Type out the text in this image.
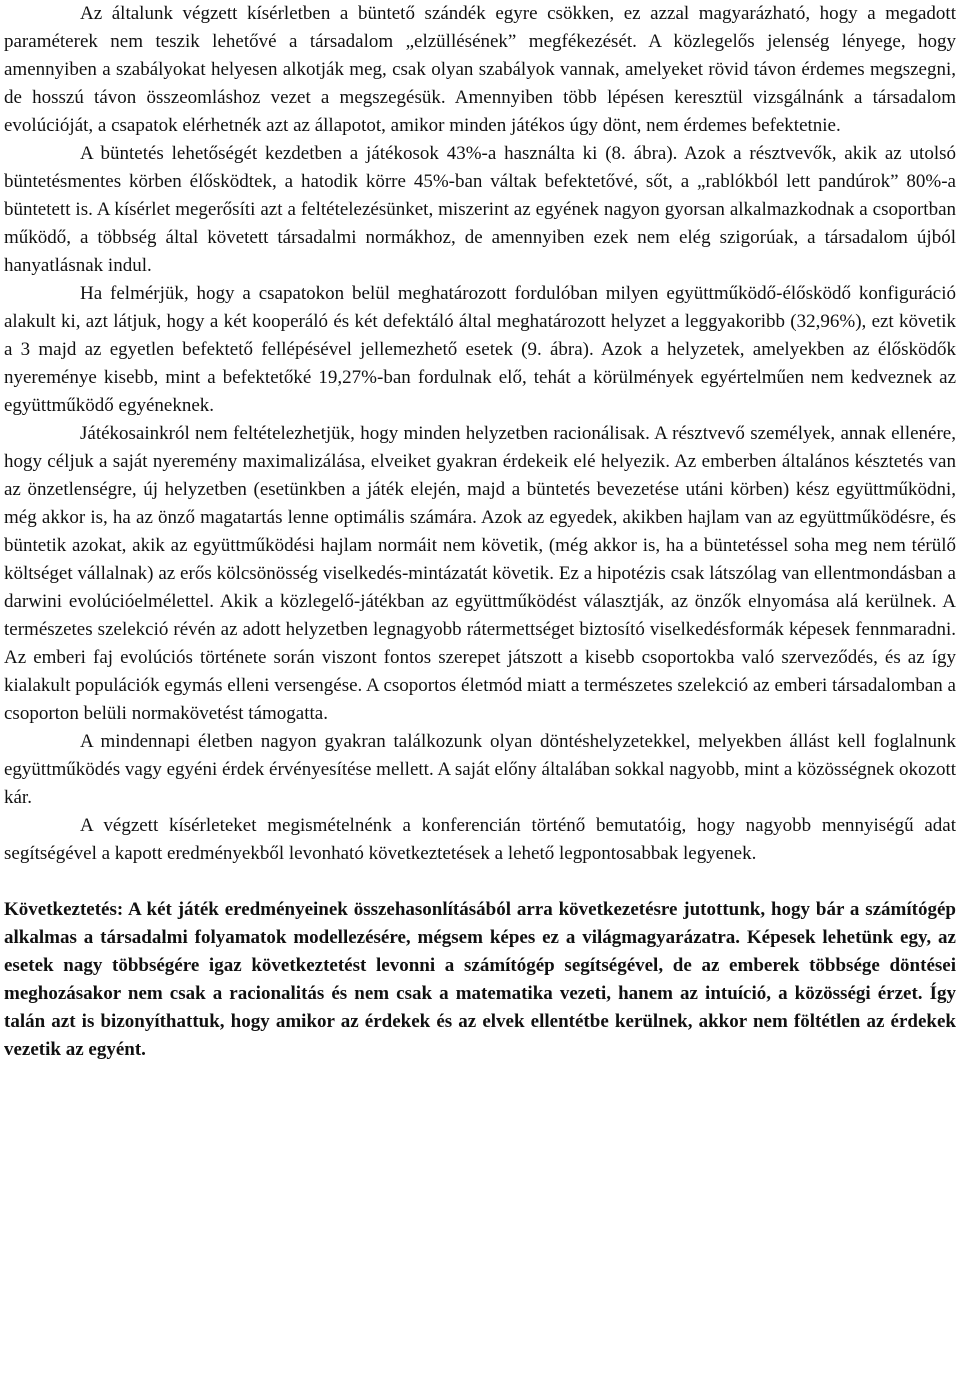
Az általunk végzett kísérletben a büntető szándék egyre csökken, ez azzal magyarázható, hogy a megadott paraméterek nem teszik lehetővé a társadalom „elzüllésének” megfékezését. A közlegelős jelenség lényege, hogy amennyiben a szabályokat helyesen alkotják meg, csak olyan szabályok vannak, amelyeket rövid távon érdemes megszegni, de hosszú távon összeomláshoz vezet a megszegésük. Amennyiben több lépésen keresztül vizsgálnánk a társadalom evolúcióját, a csapatok elérhetnék azt az állapotot, amikor minden játékos úgy dönt, nem érdemes befektetnie.

A büntetés lehetőségét kezdetben a játékosok 43%-a használta ki (8. ábra). Azok a résztvevők, akik az utolsó büntetésmentes körben élősködtek, a hatodik körre 45%-ban váltak befektetővé, sőt, a „rablókból lett pandúrok” 80%-a büntetett is. A kísérlet megerősíti azt a feltételezésünket, miszerint az egyének nagyon gyorsan alkalmazkodnak a csoportban működő, a többség által követett társadalmi normákhoz, de amennyiben ezek nem elég szigorúak, a társadalom újból hanyatlásnak indul.

Ha felmérjük, hogy a csapatokon belül meghatározott fordulóban milyen együttműködő-élősködő konfiguráció alakult ki, azt látjuk, hogy a két kooperáló és két defektáló által meghatározott helyzet a leggyakoribb (32,96%), ezt követik a 3 majd az egyetlen befektető fellépésével jellemezhető esetek (9. ábra). Azok a helyzetek, amelyekben az élősködők nyereménye kisebb, mint a befektetőké 19,27%-ban fordulnak elő, tehát a körülmények egyértelműen nem kedveznek az együttműködő egyéneknek.

Játékosainkról nem feltételezhetjük, hogy minden helyzetben racionálisak. A résztvevő személyek, annak ellenére, hogy céljuk a saját nyeremény maximalizálása, elveiket gyakran érdekeik elé helyezik. Az emberben általános késztetés van az önzetlenségre, új helyzetben (esetünkben a játék elején, majd a büntetés bevezetése utáni körben) kész együttműködni, még akkor is, ha az önző magatartás lenne optimális számára. Azok az egyedek, akikben hajlam van az együttműködésre, és büntetik azokat, akik az együttműködési hajlam normáit nem követik, (még akkor is, ha a büntetéssel soha meg nem térülő költséget vállalnak) az erős kölcsönösség viselkedés-mintázatát követik. Ez a hipotézis csak látszólag van ellentmondásban a darwini evolúcióelmélettel. Akik a közlegelő-játékban az együttműködést választják, az önzők elnyomása alá kerülnek. A természetes szelekció révén az adott helyzetben legnagyobb rátermettséget biztosító viselkedésformák képesek fennmaradni. Az emberi faj evolúciós története során viszont fontos szerepet játszott a kisebb csoportokba való szerveződés, és az így kialakult populációk egymás elleni versengése. A csoportos életmód miatt a természetes szelekció az emberi társadalomban a csoporton belüli normakövetést támogatta.

A mindennapi életben nagyon gyakran találkozunk olyan döntéshelyzetekkel, melyekben állást kell foglalnunk együttműködés vagy egyéni érdek érvényesítése mellett. A saját előny általában sokkal nagyobb, mint a közösségnek okozott kár.

A végzett kísérleteket megismételnénk a konferencián történő bemutatóig, hogy nagyobb mennyiségű adat segítségével a kapott eredményekből levonható következtetések a lehető legpontosabbak legyenek.

Következtetés: A két játék eredményeinek összehasonlításából arra következetésre jutottunk, hogy bár a számítógép alkalmas a társadalmi folyamatok modellezésére, mégsem képes ez a világmagyarázatra. Képesek lehetünk egy, az esetek nagy többségére igaz következtetést levonni a számítógép segítségével, de az emberek többsége döntései meghozásakor nem csak a racionalitás és nem csak a matematika vezeti, hanem az intuíció, a közösségi érzet. Így talán azt is bizonyíthattuk, hogy amikor az érdekek és az elvek ellentétbe kerülnek, akkor nem föltétlen az érdekek vezetik az egyént.
